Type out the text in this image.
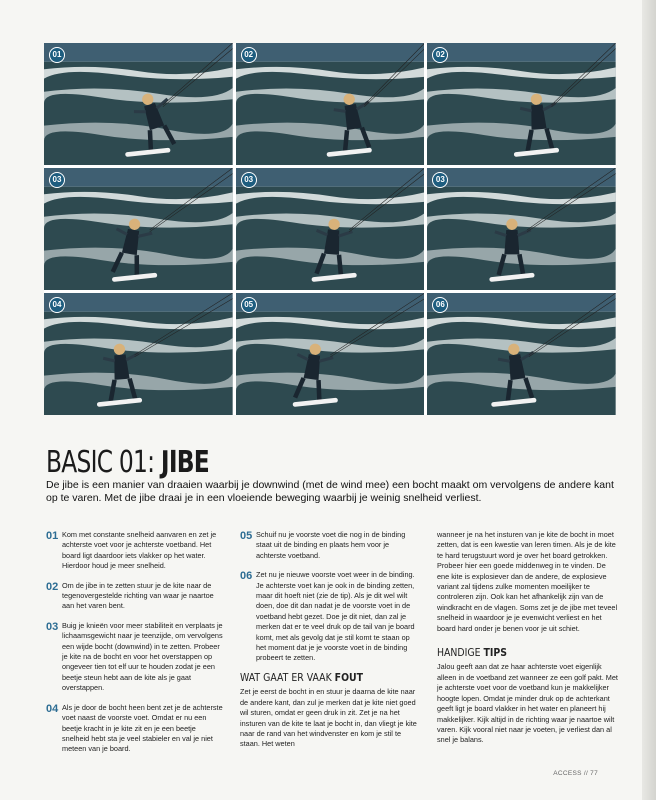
01	02	02
03	03	03
04	05	06
BASIC 01: JIBE

De jibe is een manier van draaien waarbij je downwind (met de wind mee) een bocht maakt om vervolgens de andere kant op te varen. Met de jibe draai je in een vloeiende beweging waarbij je weinig snelheid verliest.

01 Kom met constante snelheid aanvaren en zet je achterste voet voor je achterste voetband. Het board ligt daardoor iets vlakker op het water. Hierdoor houd je meer snelheid.

02 Om de jibe in te zetten stuur je de kite naar de tegenovergestelde richting van waar je naartoe aan het varen bent.

03 Buig je knieën voor meer stabiliteit en verplaats je lichaamsgewicht naar je teenzijde, om vervolgens een wijde bocht (downwind) in te zetten. Probeer je kite na de bocht en voor het overstappen op ongeveer tien tot elf uur te houden zodat je een beetje steun hebt aan de kite als je gaat overstappen.

04 Als je door de bocht heen bent zet je de achterste voet naast de voorste voet. Omdat er nu een beetje kracht in je kite zit en je een beetje snelheid hebt sta je veel stabieler en val je niet meteen van je board.

05 Schuif nu je voorste voet die nog in de binding staat uit de binding en plaats hem voor je achterste voetband.

06 Zet nu je nieuwe voorste voet weer in de binding. Je achterste voet kan je ook in de binding zetten, maar dit hoeft niet (zie de tip). Als je dit wel wilt doen, doe dit dan nadat je de voorste voet in de voetband hebt gezet. Doe je dit niet, dan zal je merken dat er te veel druk op de tail van je board komt, met als gevolg dat je stil komt te staan op het moment dat je je voorste voet in de binding probeert te zetten.

WAT GAAT ER VAAK FOUT

Zet je eerst de bocht in en stuur je daarna de kite naar de andere kant, dan zul je merken dat je kite niet goed wil sturen, omdat er geen druk in zit. Zet je na het insturen van de kite te laat je bocht in, dan vliegt je kite naar de rand van het windvenster en kom je stil te staan. Het weten

wanneer je na het insturen van je kite de bocht in moet zetten, dat is een kwestie van leren timen. Als je de kite te hard terugstuurt word je over het board getrokken. Probeer hier een goede middenweg in te vinden. De ene kite is explosiever dan de andere, de explosieve variant zal tijdens zulke momenten moeilijker te controleren zijn. Ook kan het afhankelijk zijn van de windkracht en de vlagen. Soms zet je de jibe met teveel snelheid in waardoor je je evenwicht verliest en het board hard onder je benen voor je uit schiet.

HANDIGE TIPS

Jalou geeft aan dat ze haar achterste voet eigenlijk alleen in de voetband zet wanneer ze een golf pakt. Met je achterste voet voor de voetband kun je makkelijker hoogte lopen. Omdat je minder druk op de achterkant geeft ligt je board vlakker in het water en planeert hij makkelijker. Kijk altijd in de richting waar je naartoe wilt varen. Kijk vooral niet naar je voeten, je verliest dan al snel je balans.

ACCESS // 77
